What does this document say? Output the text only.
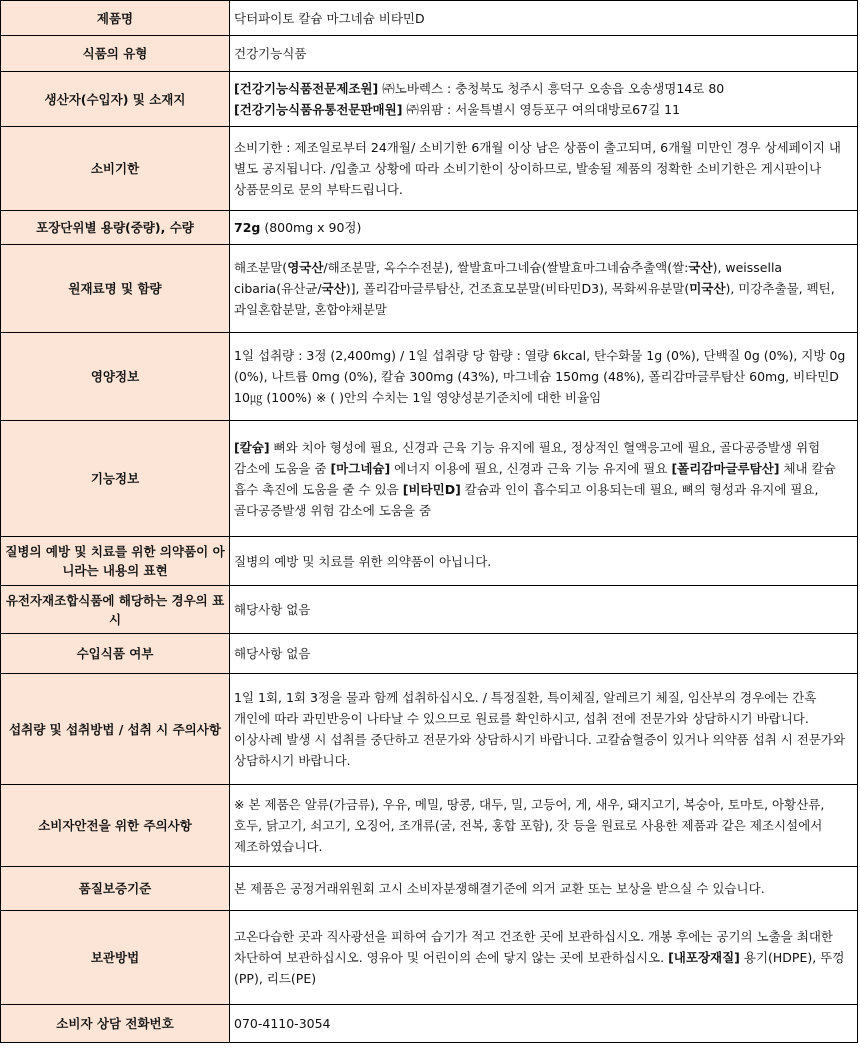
제품명	닥터파이토 칼슘 마그네슘 비타민D
식품의 유형	건강기능식품
생산자(수입자) 및 소재지	[건강기능식품전문제조원] ㈜노바렉스 : 충청북도 청주시 흥덕구 오송읍 오송생명14로 80 [건강기능식품유통전문판매원] ㈜위팜 : 서울특별시 영등포구 여의대방로67길 11
소비기한	소비기한 : 제조일로부터 24개월/ 소비기한 6개월 이상 남은 상품이 출고되며, 6개월 미만인 경우 상세페이지 내 별도 공지됩니다. /입출고 상황에 따라 소비기한이 상이하므로, 발송될 제품의 정확한 소비기한은 게시판이나 상품문의로 문의 부탁드립니다.
포장단위별 용량(중량), 수량	72g (800mg x 90정)
원재료명 및 함량	해조분말(영국산/해조분말, 옥수수전분), 쌀발효마그네슘(쌀발효마그네슘추출액(쌀:국산), weissella cibaria(유산균/국산)], 폴리감마글루탐산, 건조효모분말(비타민D3), 목화씨유분말(미국산), 미강추출물, 펙틴, 과일혼합분말, 혼합야채분말
영양정보	1일 섭취량 : 3정 (2,400mg) / 1일 섭취량 당 함량 : 열량 6kcal, 탄수화물 1g (0%), 단백질 0g (0%), 지방 0g (0%), 나트륨 0mg (0%), 칼슘 300mg (43%), 마그네슘 150mg (48%), 폴리감마글루탐산 60mg, 비타민D 10㎍ (100%) ※ ( )안의 수치는 1일 영양성분기준치에 대한 비율임
기능정보	[칼슘] 뼈와 치아 형성에 필요, 신경과 근육 기능 유지에 필요, 정상적인 혈액응고에 필요, 골다공증발생 위험 감소에 도움을 줌 [마그네슘] 에너지 이용에 필요, 신경과 근육 기능 유지에 필요 [폴리감마글루탐산] 체내 칼슘 흡수 촉진에 도움을 줄 수 있음 [비타민D] 칼슘과 인이 흡수되고 이용되는데 필요, 뼈의 형성과 유지에 필요, 골다공증발생 위험 감소에 도움을 줌
질병의 예방 및 치료를 위한 의약품이 아니라는 내용의 표현	질병의 예방 및 치료를 위한 의약품이 아닙니다.
유전자재조합식품에 해당하는 경우의 표시	해당사항 없음
수입식품 여부	해당사항 없음
섭취량 및 섭취방법 / 섭취 시 주의사항	1일 1회, 1회 3정을 물과 함께 섭취하십시오. / 특정질환, 특이체질, 알레르기 체질, 임산부의 경우에는 간혹 개인에 따라 과민반응이 나타날 수 있으므로 원료를 확인하시고, 섭취 전에 전문가와 상담하시기 바랍니다. 이상사례 발생 시 섭취를 중단하고 전문가와 상담하시기 바랍니다. 고칼슘혈증이 있거나 의약품 섭취 시 전문가와 상담하시기 바랍니다.
소비자안전을 위한 주의사항	※ 본 제품은 알류(가금류), 우유, 메밀, 땅콩, 대두, 밀, 고등어, 게, 새우, 돼지고기, 복숭아, 토마토, 아황산류, 호두, 닭고기, 쇠고기, 오징어, 조개류(굴, 전복, 홍합 포함), 잣 등을 원료로 사용한 제품과 같은 제조시설에서 제조하였습니다.
품질보증기준	본 제품은 공정거래위원회 고시 소비자분쟁해결기준에 의거 교환 또는 보상을 받으실 수 있습니다.
보관방법	고온다습한 곳과 직사광선을 피하여 습기가 적고 건조한 곳에 보관하십시오. 개봉 후에는 공기의 노출을 최대한 차단하여 보관하십시오. 영유아 및 어린이의 손에 닿지 않는 곳에 보관하십시오. [내포장재질] 용기(HDPE), 뚜껑(PP), 리드(PE)
소비자 상담 전화번호	070-4110-3054
